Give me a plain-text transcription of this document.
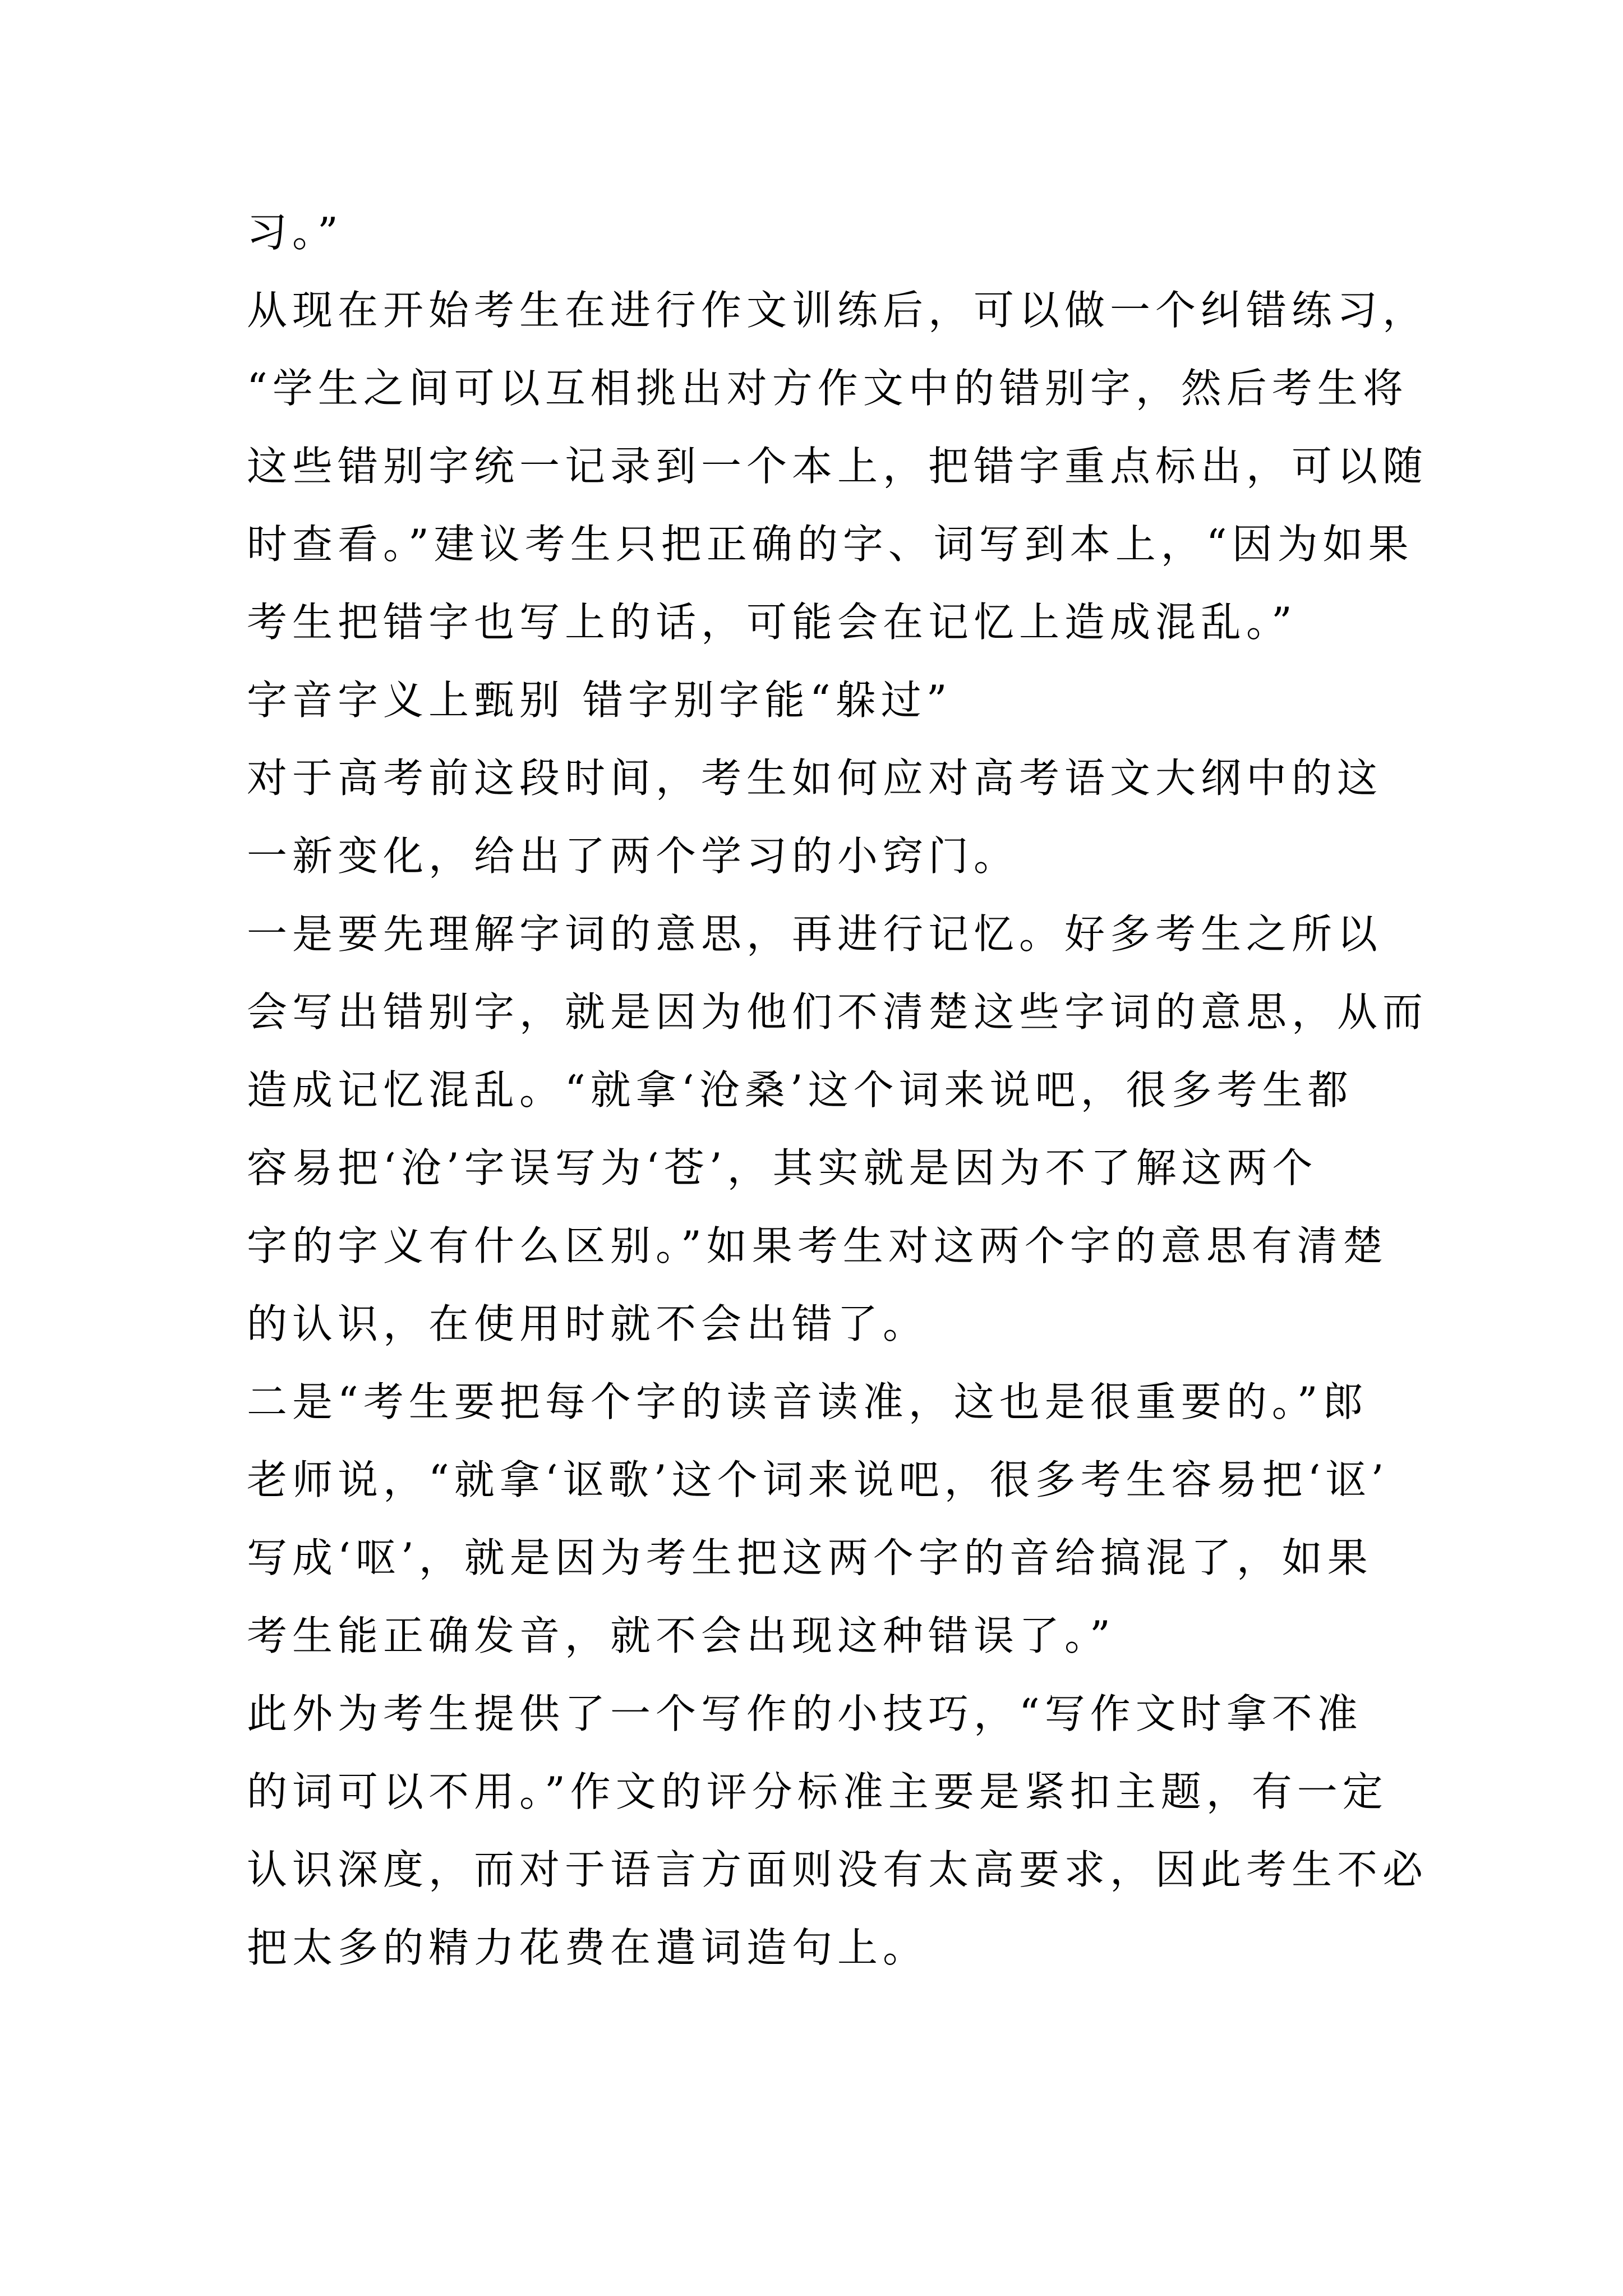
习。”
从现在开始考生在进行作文训练后，可以做一个纠错练习，
“学生之间可以互相挑出对方作文中的错别字，然后考生将
这些错别字统一记录到一个本上，把错字重点标出，可以随
时查看。”建议考生只把正确的字、词写到本上，“因为如果
考生把错字也写上的话，可能会在记忆上造成混乱。”
字音字义上甄别 错字别字能“躲过”
对于高考前这段时间，考生如何应对高考语文大纲中的这
一新变化，给出了两个学习的小窍门。
一是要先理解字词的意思，再进行记忆。好多考生之所以
会写出错别字，就是因为他们不清楚这些字词的意思，从而
造成记忆混乱。“就拿‘沧桑’这个词来说吧，很多考生都
容易把‘沧’字误写为‘苍’，其实就是因为不了解这两个
字的字义有什么区别。”如果考生对这两个字的意思有清楚
的认识，在使用时就不会出错了。
二是“考生要把每个字的读音读准，这也是很重要的。”郎
老师说，“就拿‘讴歌’这个词来说吧，很多考生容易把‘讴’
写成‘呕’，就是因为考生把这两个字的音给搞混了，如果
考生能正确发音，就不会出现这种错误了。”
此外为考生提供了一个写作的小技巧，“写作文时拿不准
的词可以不用。”作文的评分标准主要是紧扣主题，有一定
认识深度，而对于语言方面则没有太高要求，因此考生不必
把太多的精力花费在遣词造句上。
